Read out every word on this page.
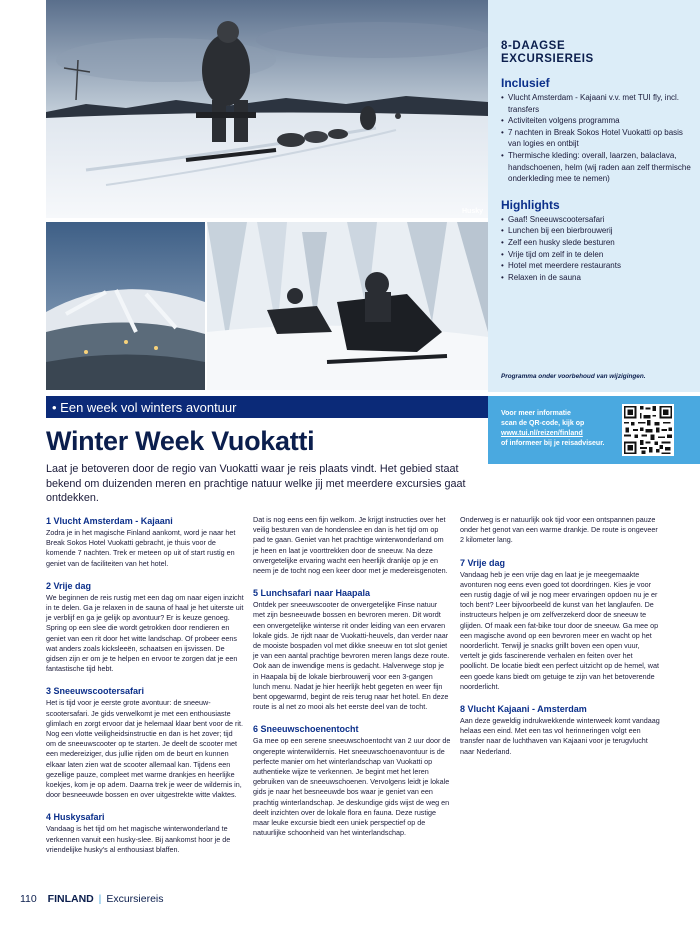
Husky
8-DAAGSE
EXCURSIEREIS
Inclusief
• Vlucht Amsterdam - Kajaani v.v. met TUI fly, incl. transfers
• Activiteiten volgens programma
• 7 nachten in Break Sokos Hotel Vuokatti op basis van logies en ontbijt
• Thermische kleding: overall, laarzen, balaclava, handschoenen, helm (wij raden aan zelf thermische onderkleding mee te nemen)
Highlights
• Gaaf! Sneeuwscootersafari
• Lunchen bij een bierbrouwerij
• Zelf een husky slede besturen
• Vrije tijd om zelf in te delen
• Hotel met meerdere restaurants
• Relaxen in de sauna
Programma onder voorbehoud van wijzigingen.
• Een week vol winters avontuur	Voor meer informatie
scan de QR-code, kijk op
www.tui.nl/reizen/finland
of informeer bij je reisadviseur.
Winter Week Vuokatti

Laat je betoveren door de regio van Vuokatti waar je reis plaats vindt. Het gebied staat bekend om duizenden meren en prachtige natuur welke jij met meerdere excursies gaat ontdekken.

1 Vlucht Amsterdam - Kajaani
Zodra je in het magische Finland aankomt, word je naar het Break Sokos Hotel Vuokatti gebracht, je thuis voor de komende 7 nachten. Trek er meteen op uit of start rustig en geniet van de faciliteiten van het hotel.
2 Vrije dag
We beginnen de reis rustig met een dag om naar eigen inzicht in te delen. Ga je relaxen in de sauna of haal je het uiterste uit je verblijf en ga je gelijk op avontuur? Er is keuze genoeg. Spring op een slee die wordt getrokken door rendieren en geniet van een rit door het witte landschap. Of probeer eens wat anders zoals kicksleeën, schaatsen en ijsvissen. De gidsen zijn er om je te helpen en ervoor te zorgen dat je een fantastische tijd hebt.
3 Sneeuwscootersafari
Het is tijd voor je eerste grote avontuur: de sneeuw-scootersafari. Je gids verwelkomt je met een enthousiaste glimlach en zorgt ervoor dat je helemaal klaar bent voor de rit. Nog een vlotte veiligheidsinstructie en dan is het zover; tijd om de sneeuwscooter op te starten. Je deelt de scooter met een medereiziger, dus jullie rijden om de beurt en kunnen elkaar laten zien wat de scooter allemaal kan. Tijdens een gezellige pauze, compleet met warme drankjes en heerlijke koekjes, kom je op adem. Daarna trek je weer de wildernis in, door besneeuwde bossen en over uitgestrekte witte vlaktes.
4 Huskysafari
Vandaag is het tijd om het magische winterwonderland te verkennen vanuit een husky-slee. Bij aankomst hoor je de vriendelijke husky's al enthousiast blaffen.
Dat is nog eens een fijn welkom. Je krijgt instructies over het veilig besturen van de hondenslee en dan is het tijd om op pad te gaan. Geniet van het prachtige winterwonderland om je heen en laat je voorttrekken door de sneeuw. Na deze onvergetelijke ervaring wacht een heerlijk drankje op je en neem je de tocht nog een keer door met je medereisgenoten.
5 Lunchsafari naar Haapala
Ontdek per sneeuwscooter de onvergetelijke Finse natuur met zijn besneeuwde bossen en bevroren meren. Dit wordt een onvergetelijke winterse rit onder leiding van een ervaren lokale gids. Je rijdt naar de Vuokatti-heuvels, dan verder naar de mooiste bospaden vol met dikke sneeuw en tot slot geniet je van een aantal prachtige bevroren meren langs deze route. Ook aan de inwendige mens is gedacht. Halverwege stop je in Haapala bij de lokale bierbrouwerij voor een 3-gangen lunch menu. Nadat je hier heerlijk hebt gegeten en weer fijn bent opgewarmd, begint de reis terug naar het hotel. En deze route is al net zo mooi als het eerste deel van de tocht.
6 Sneeuwschoenentocht
Ga mee op een serene sneeuwschoentocht van 2 uur door de ongerepte winterwildernis. Het sneeuwschoenavontuur is de perfecte manier om het winterlandschap van Vuokatti op authentieke wijze te verkennen. Je begint met het leren gebruiken van de sneeuwschoenen. Vervolgens leidt je lokale gids je naar het besneeuwde bos waar je geniet van een prachtig winterlandschap. Je deskundige gids wijst de weg en deelt inzichten over de lokale flora en fauna. Deze rustige maar leuke excursie biedt een uniek perspectief op de natuurlijke schoonheid van het winterlandschap.
Onderweg is er natuurlijk ook tijd voor een ontspannen pauze onder het genot van een warme drankje. De route is ongeveer 2 kilometer lang.
7 Vrije dag
Vandaag heb je een vrije dag en laat je je meegemaakte avonturen nog eens even goed tot doordringen. Kies je voor een rustig dagje of wil je nog meer ervaringen opdoen nu je er toch bent? Leer bijvoorbeeld de kunst van het langlaufen. De instructeurs helpen je om zelfverzekerd door de sneeuw te glijden. Of maak een fat-bike tour door de sneeuw. Ga mee op een magische avond op een bevroren meer en wacht op het noorderlicht. Terwijl je snacks grillt boven een open vuur, vertelt je gids fascinerende verhalen en feiten over het poollicht. De locatie biedt een perfect uitzicht op de hemel, wat een goede kans biedt om getuige te zijn van het betoverende noorderlicht.
8 Vlucht Kajaani - Amsterdam
Aan deze geweldig indrukwekkende winterweek komt vandaag helaas een eind. Met een tas vol herinneringen volgt een transfer naar de luchthaven van Kajaani voor je terugvlucht naar Nederland.
110 FINLAND | Excursiereis
